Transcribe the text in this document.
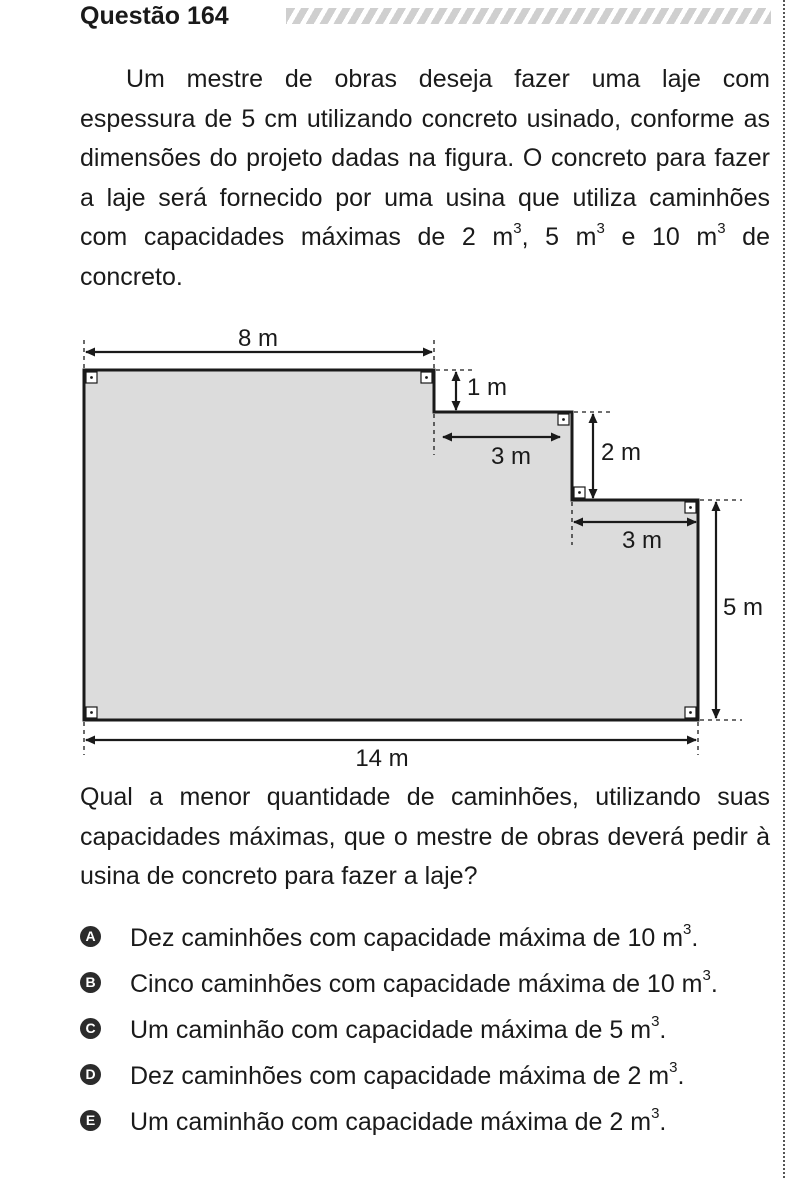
Questão 164

Um mestre de obras deseja fazer uma laje com espessura de 5 cm utilizando concreto usinado, conforme as dimensões do projeto dadas na figura. O concreto para fazer a laje será fornecido por uma usina que utiliza caminhões com capacidades máximas de 2 $m^3$, 5 $m^3$ e 10 $m^3$ de concreto.

8 m
1 m
3 m	2 m
3 m
5 m
14 m

Qual a menor quantidade de caminhões, utilizando suas capacidades máximas, que o mestre de obras deverá pedir à usina de concreto para fazer a laje?

A Dez caminhões com capacidade máxima de 10 $m^3$.
B Cinco caminhões com capacidade máxima de 10 $m^3$.
C Um caminhão com capacidade máxima de 5 $m^3$.
D Dez caminhões com capacidade máxima de 2 $m^3$.
E Um caminhão com capacidade máxima de 2 $m^3$.
